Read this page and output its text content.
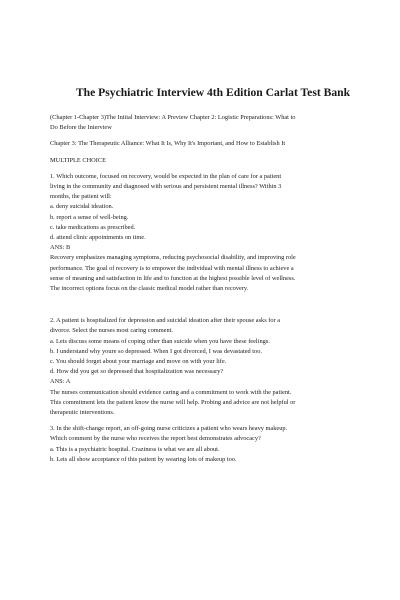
The Psychiatric Interview 4th Edition Carlat Test Bank

(Chapter 1-Chapter 3)The Initial Interview: A Preview Chapter 2: Logistic Preparations: What to
Do Before the Interview

Chapter 3: The Therapeutic Alliance: What It Is, Why It's Important, and How to Establish It

MULTIPLE CHOICE

1. Which outcome, focused on recovery, would be expected in the plan of care for a patient
living in the community and diagnosed with serious and persistent mental illness? Within 3
months, the patient will:

a. deny suicidal ideation.
b. report a sense of well-being.
c. take medications as prescribed.
d. attend clinic appointments on time.

ANS: B

Recovery emphasizes managing symptoms, reducing psychosocial disability, and improving role
performance. The goal of recovery is to empower the individual with mental illness to achieve a
sense of meaning and satisfaction in life and to function at the highest possible level of wellness.
The incorrect options focus on the classic medical model rather than recovery.

2. A patient is hospitalized for depression and suicidal ideation after their spouse asks for a
divorce. Select the nurses most caring comment.

a. Lets discuss some means of coping other than suicide when you have these feelings.
b. I understand why youre so depressed. When I got divorced, I was devastated too.
c. You should forget about your marriage and move on with your life.
d. How did you get so depressed that hospitalization was necessary?

ANS: A

The nurses communication should evidence caring and a commitment to work with the patient.
This commitment lets the patient know the nurse will help. Probing and advice are not helpful or
therapeutic interventions.

3. In the shift-change report, an off-going nurse criticizes a patient who wears heavy makeup.
Which comment by the nurse who receives the report best demonstrates advocacy?

a. This is a psychiatric hospital. Craziness is what we are all about.
b. Lets all show acceptance of this patient by wearing lots of makeup too.
